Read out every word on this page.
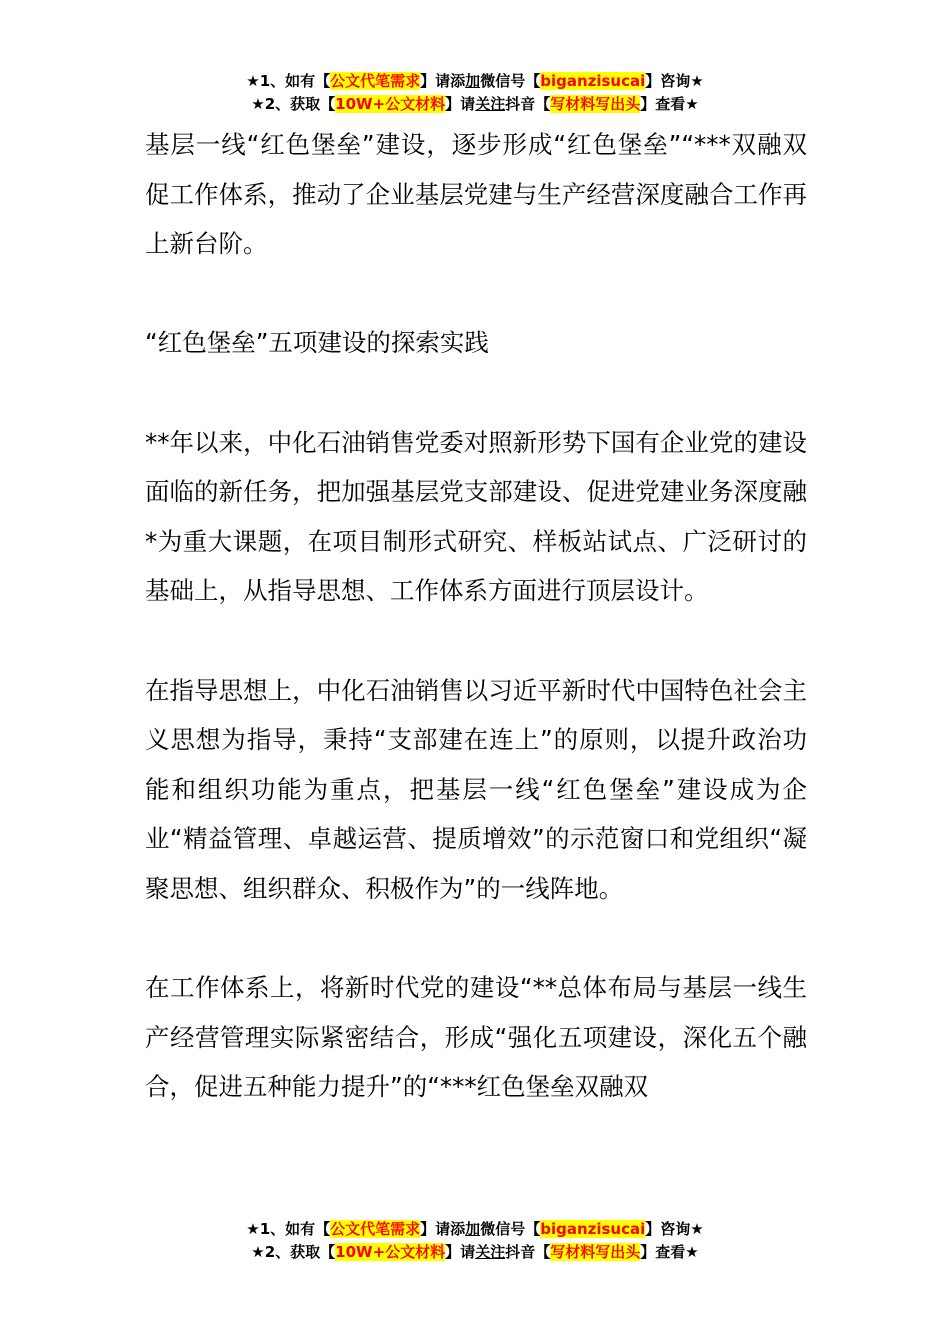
★1、如有【公文代笔需求】请添加微信号【biganzisucai】咨询★
★2、获取【10W+公文材料】请关注抖音【写材料写出头】查看★

基层一线“红色堡垒”建设，逐步形成“红色堡垒”“***双融双促工作体系，推动了企业基层党建与生产经营深度融合工作再上新台阶。

“红色堡垒”五项建设的探索实践

**年以来，中化石油销售党委对照新形势下国有企业党的建设面临的新任务，把加强基层党支部建设、促进党建业务深度融*为重大课题，在项目制形式研究、样板站试点、广泛研讨的基础上，从指导思想、工作体系方面进行顶层设计。

在指导思想上，中化石油销售以习近平新时代中国特色社会主义思想为指导，秉持“支部建在连上”的原则，以提升政治功能和组织功能为重点，把基层一线“红色堡垒”建设成为企业“精益管理、卓越运营、提质增效”的示范窗口和党组织“凝聚思想、组织群众、积极作为”的一线阵地。

在工作体系上，将新时代党的建设“**总体布局与基层一线生产经营管理实际紧密结合，形成“强化五项建设，深化五个融合，促进五种能力提升”的“***红色堡垒双融双

★1、如有【公文代笔需求】请添加微信号【biganzisucai】咨询★
★2、获取【10W+公文材料】请关注抖音【写材料写出头】查看★
